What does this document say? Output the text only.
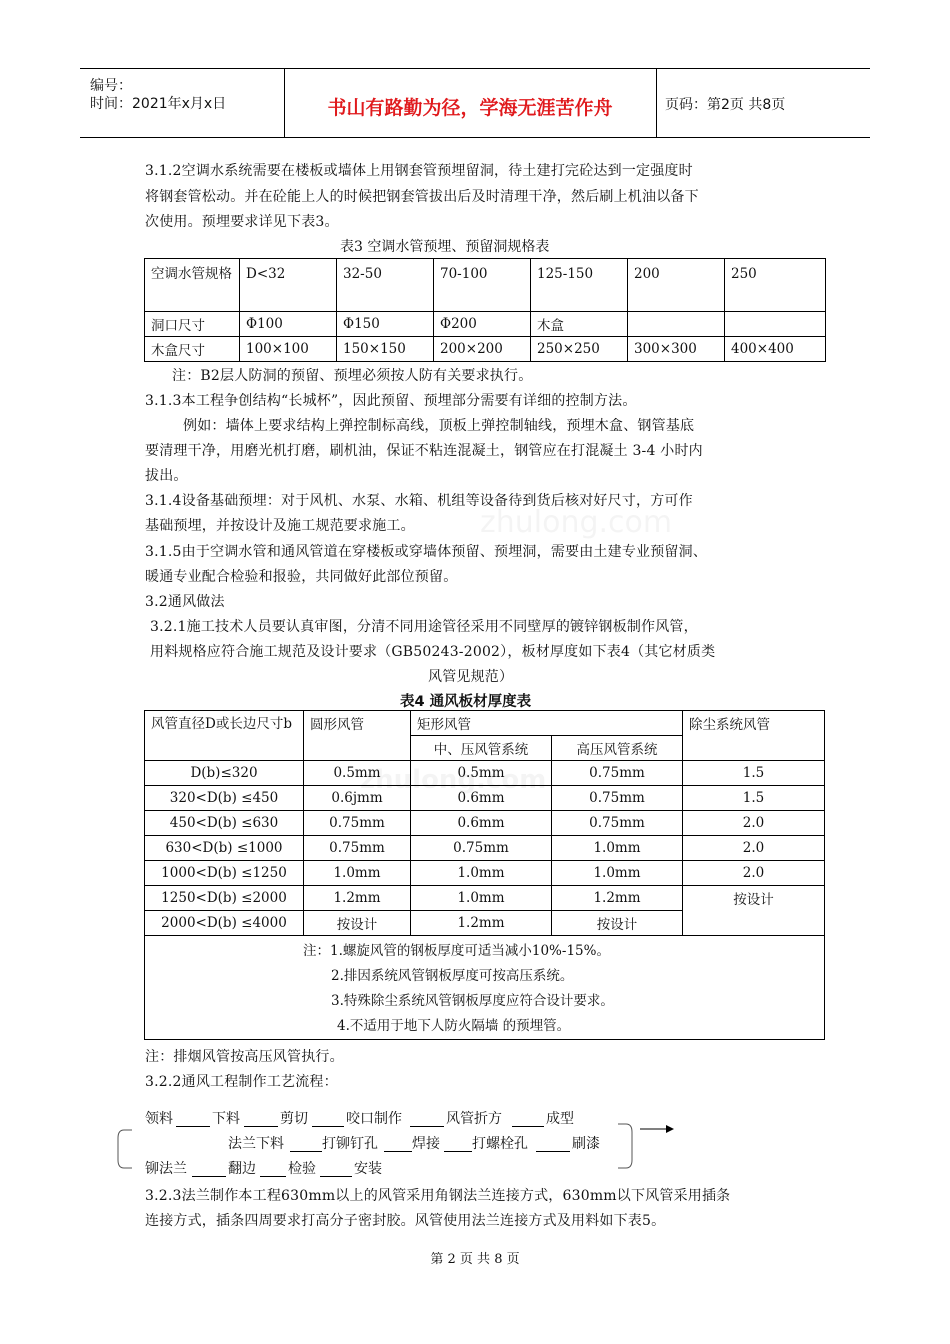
编号：
时间：2021年x月x日	书山有路勤为径，学海无涯苦作舟	页码：第2页 共8页
3.1.2空调水系统需要在楼板或墙体上用钢套管预埋留洞，待土建打完砼达到一定强度时
将钢套管松动。并在砼能上人的时候把钢套管拔出后及时清理干净，然后刷上机油以备下
次使用。预埋要求详见下表3。
表3 空调水管预埋、预留洞规格表
空调水管规格	D<32	32-50	70-100	125-150	200	250
洞口尺寸	Φ100	Φ150	Φ200	木盒		
木盒尺寸	100×100	150×150	200×200	250×250	300×300	400×400
注：B2层人防洞的预留、预埋必须按人防有关要求执行。
3.1.3本工程争创结构“长城杯”，因此预留、预埋部分需要有详细的控制方法。
例如：墙体上要求结构上弹控制标高线，顶板上弹控制轴线，预埋木盒、钢管基底
要清理干净，用磨光机打磨，刷机油，保证不粘连混凝土，钢管应在打混凝土 3-4 小时内
拔出。
3.1.4设备基础预埋：对于风机、水泵、水箱、机组等设备待到货后核对好尺寸，方可作
基础预埋，并按设计及施工规范要求施工。
3.1.5由于空调水管和通风管道在穿楼板或穿墙体预留、预埋洞，需要由土建专业预留洞、
暖通专业配合检验和报验，共同做好此部位预留。
3.2通风做法
3.2.1施工技术人员要认真审图，分清不同用途管径采用不同壁厚的镀锌钢板制作风管，
用料规格应符合施工规范及设计要求（GB50243-2002），板材厚度如下表4（其它材质类
风管见规范）
表4 通风板材厚度表
风管直径D或长边尺寸b	圆形风管	矩形风管		除尘系统风管
		中、压风管系统	高压风管系统	
D(b)≤320	0.5mm	0.5mm	0.75mm	1.5
320<D(b) ≤450	0.6jmm	0.6mm	0.75mm	1.5
450<D(b) ≤630	0.75mm	0.6mm	0.75mm	2.0
630<D(b) ≤1000	0.75mm	0.75mm	1.0mm	2.0
1000<D(b) ≤1250	1.0mm	1.0mm	1.0mm	2.0
1250<D(b) ≤2000	1.2mm	1.0mm	1.2mm	按设计
2000<D(b) ≤4000	按设计	1.2mm	按设计	

注：1.螺旋风管的钢板厚度可适当减小10%-15%。
2.排因系统风管钢板厚度可按高压系统。
3.特殊除尘系统风管钢板厚度应符合设计要求。
4.不适用于地下人防火隔墙 的预埋管。				
注：排烟风管按高压风管执行。
3.2.2通风工程制作工艺流程：
领料	下料	剪切	咬口制作	风管折方	成型
法兰下料	打铆钉孔 焊接 打螺栓孔	刷漆
铆法兰	翻边 检验	安装
3.2.3法兰制作本工程630mm以上的风管采用角钢法兰连接方式，630mm以下风管采用插条
连接方式，插条四周要求打高分子密封胶。风管使用法兰连接方式及用料如下表5。
第 2 页 共 8 页
